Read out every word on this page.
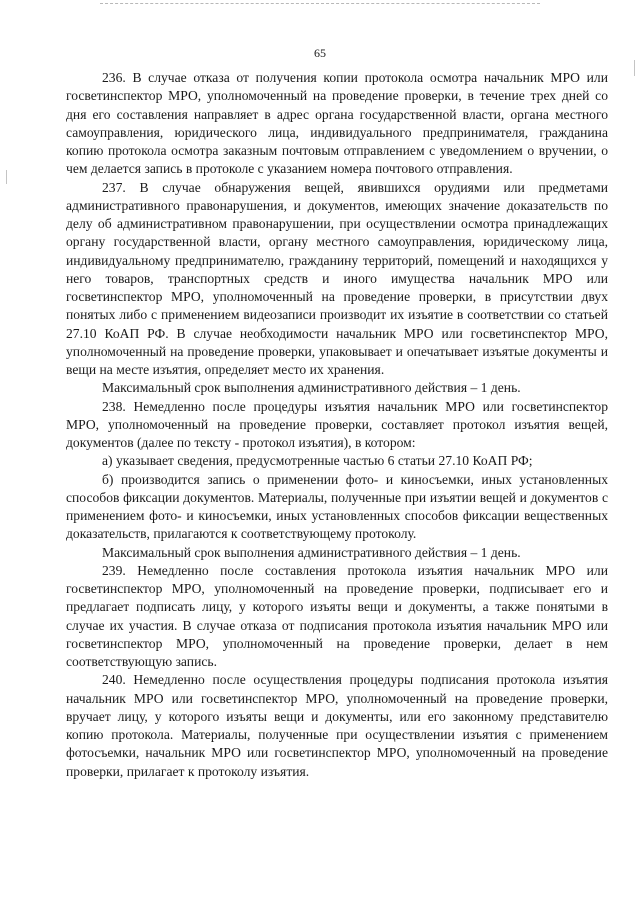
65

236. В случае отказа от получения копии протокола осмотра начальник МРО или госветинспектор МРО, уполномоченный на проведение проверки, в течение трех дней со дня его составления направляет в адрес органа государственной власти, органа местного самоуправления, юридического лица, индивидуального предпринимателя, гражданина копию протокола осмотра заказным почтовым отправлением с уведомлением о вручении, о чем делается запись в протоколе с указанием номера почтового отправления.

237. В случае обнаружения вещей, явившихся орудиями или предметами административного правонарушения, и документов, имеющих значение доказательств по делу об административном правонарушении, при осуществлении осмотра принадлежащих органу государственной власти, органу местного самоуправления, юридическому лица, индивидуальному предпринимателю, гражданину территорий, помещений и находящихся у него товаров, транспортных средств и иного имущества начальник МРО или госветинспектор МРО, уполномоченный на проведение проверки, в присутствии двух понятых либо с применением видеозаписи производит их изъятие в соответствии со статьей 27.10 КоАП РФ. В случае необходимости начальник МРО или госветинспектор МРО, уполномоченный на проведение проверки, упаковывает и опечатывает изъятые документы и вещи на месте изъятия, определяет место их хранения.

Максимальный срок выполнения административного действия – 1 день.

238. Немедленно после процедуры изъятия начальник МРО или госветинспектор МРО, уполномоченный на проведение проверки, составляет протокол изъятия вещей, документов (далее по тексту - протокол изъятия), в котором:

а) указывает сведения, предусмотренные частью 6 статьи 27.10 КоАП РФ;

б) производится запись о применении фото- и киносъемки, иных установленных способов фиксации документов. Материалы, полученные при изъятии вещей и документов с применением фото- и киносъемки, иных установленных способов фиксации вещественных доказательств, прилагаются к соответствующему протоколу.

Максимальный срок выполнения административного действия – 1 день.

239. Немедленно после составления протокола изъятия начальник МРО или госветинспектор МРО, уполномоченный на проведение проверки, подписывает его и предлагает подписать лицу, у которого изъяты вещи и документы, а также понятыми в случае их участия. В случае отказа от подписания протокола изъятия начальник МРО или госветинспектор МРО, уполномоченный на проведение проверки, делает в нем соответствующую запись.

240. Немедленно после осуществления процедуры подписания протокола изъятия начальник МРО или госветинспектор МРО, уполномоченный на проведение проверки, вручает лицу, у которого изъяты вещи и документы, или его законному представителю копию протокола. Материалы, полученные при осуществлении изъятия с применением фотосъемки, начальник МРО или госветинспектор МРО, уполномоченный на проведение проверки, прилагает к протоколу изъятия.
